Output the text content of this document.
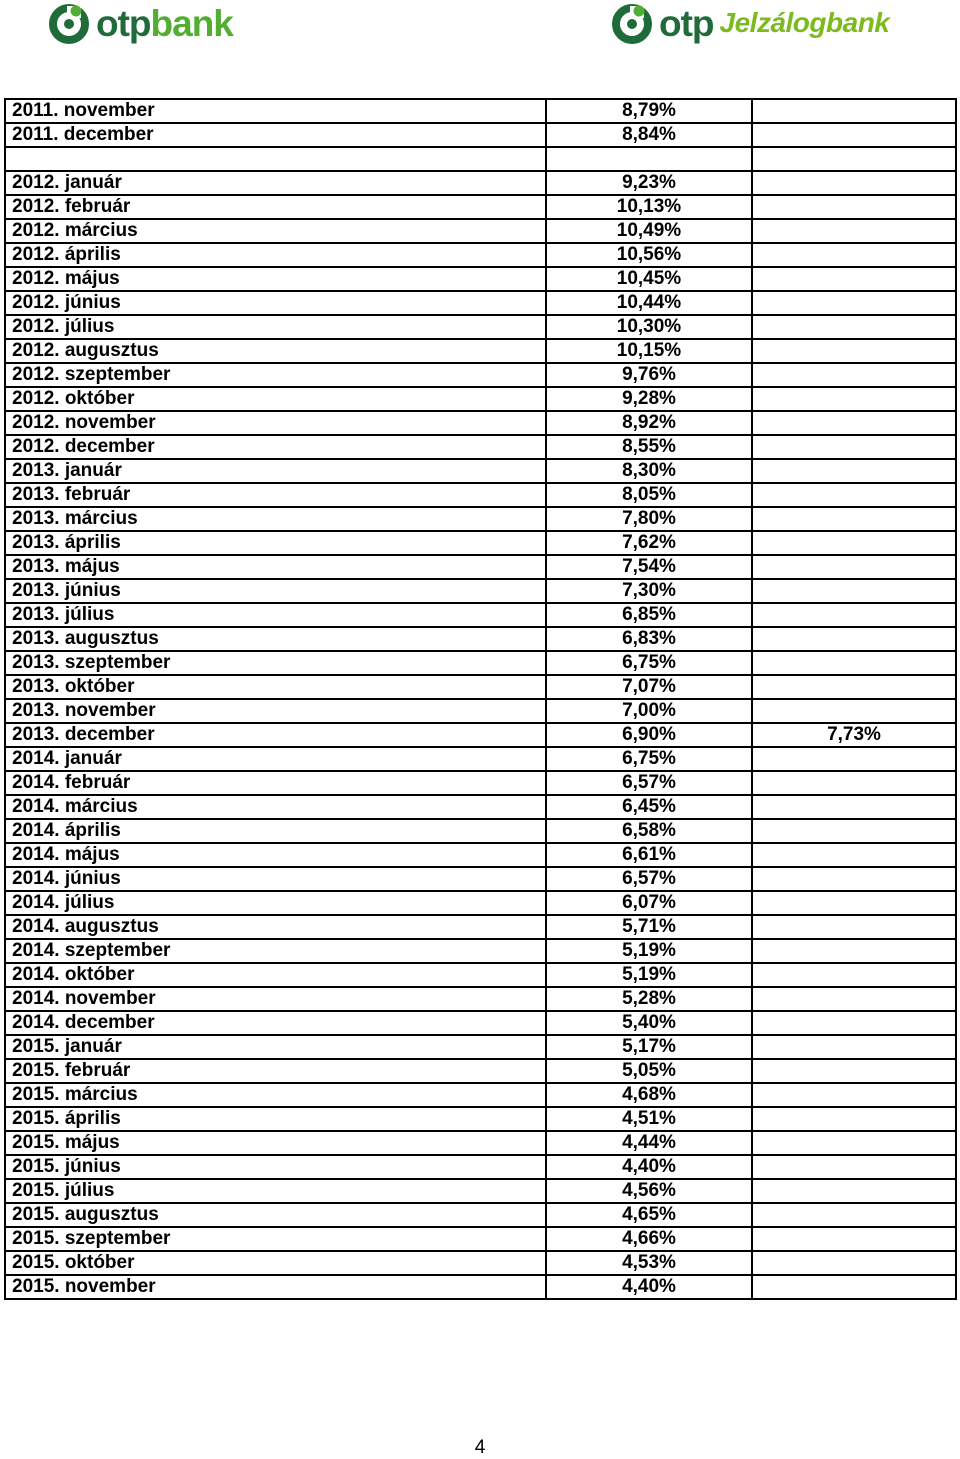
otp bank	otp Jelzálogbank
2011. november	8,79%	
2011. december	8,84%	

2012. január	9,23%	
2012. február	10,13%	
2012. március	10,49%	
2012. április	10,56%	
2012. május	10,45%	
2012. június	10,44%	
2012. július	10,30%	
2012. augusztus	10,15%	
2012. szeptember	9,76%	
2012. október	9,28%	
2012. november	8,92%	
2012. december	8,55%	
2013. január	8,30%	
2013. február	8,05%	
2013. március	7,80%	
2013. április	7,62%	
2013. május	7,54%	
2013. június	7,30%	
2013. július	6,85%	
2013. augusztus	6,83%	
2013. szeptember	6,75%	
2013. október	7,07%	
2013. november	7,00%	
2013. december	6,90%	7,73%
2014. január	6,75%	
2014. február	6,57%	
2014. március	6,45%	
2014. április	6,58%	
2014. május	6,61%	
2014. június	6,57%	
2014. július	6,07%	
2014. augusztus	5,71%	
2014. szeptember	5,19%	
2014. október	5,19%	
2014. november	5,28%	
2014. december	5,40%	
2015. január	5,17%	
2015. február	5,05%	
2015. március	4,68%	
2015. április	4,51%	
2015. május	4,44%	
2015. június	4,40%	
2015. július	4,56%	
2015. augusztus	4,65%	
2015. szeptember	4,66%	
2015. október	4,53%	
2015. november	4,40%	
4
